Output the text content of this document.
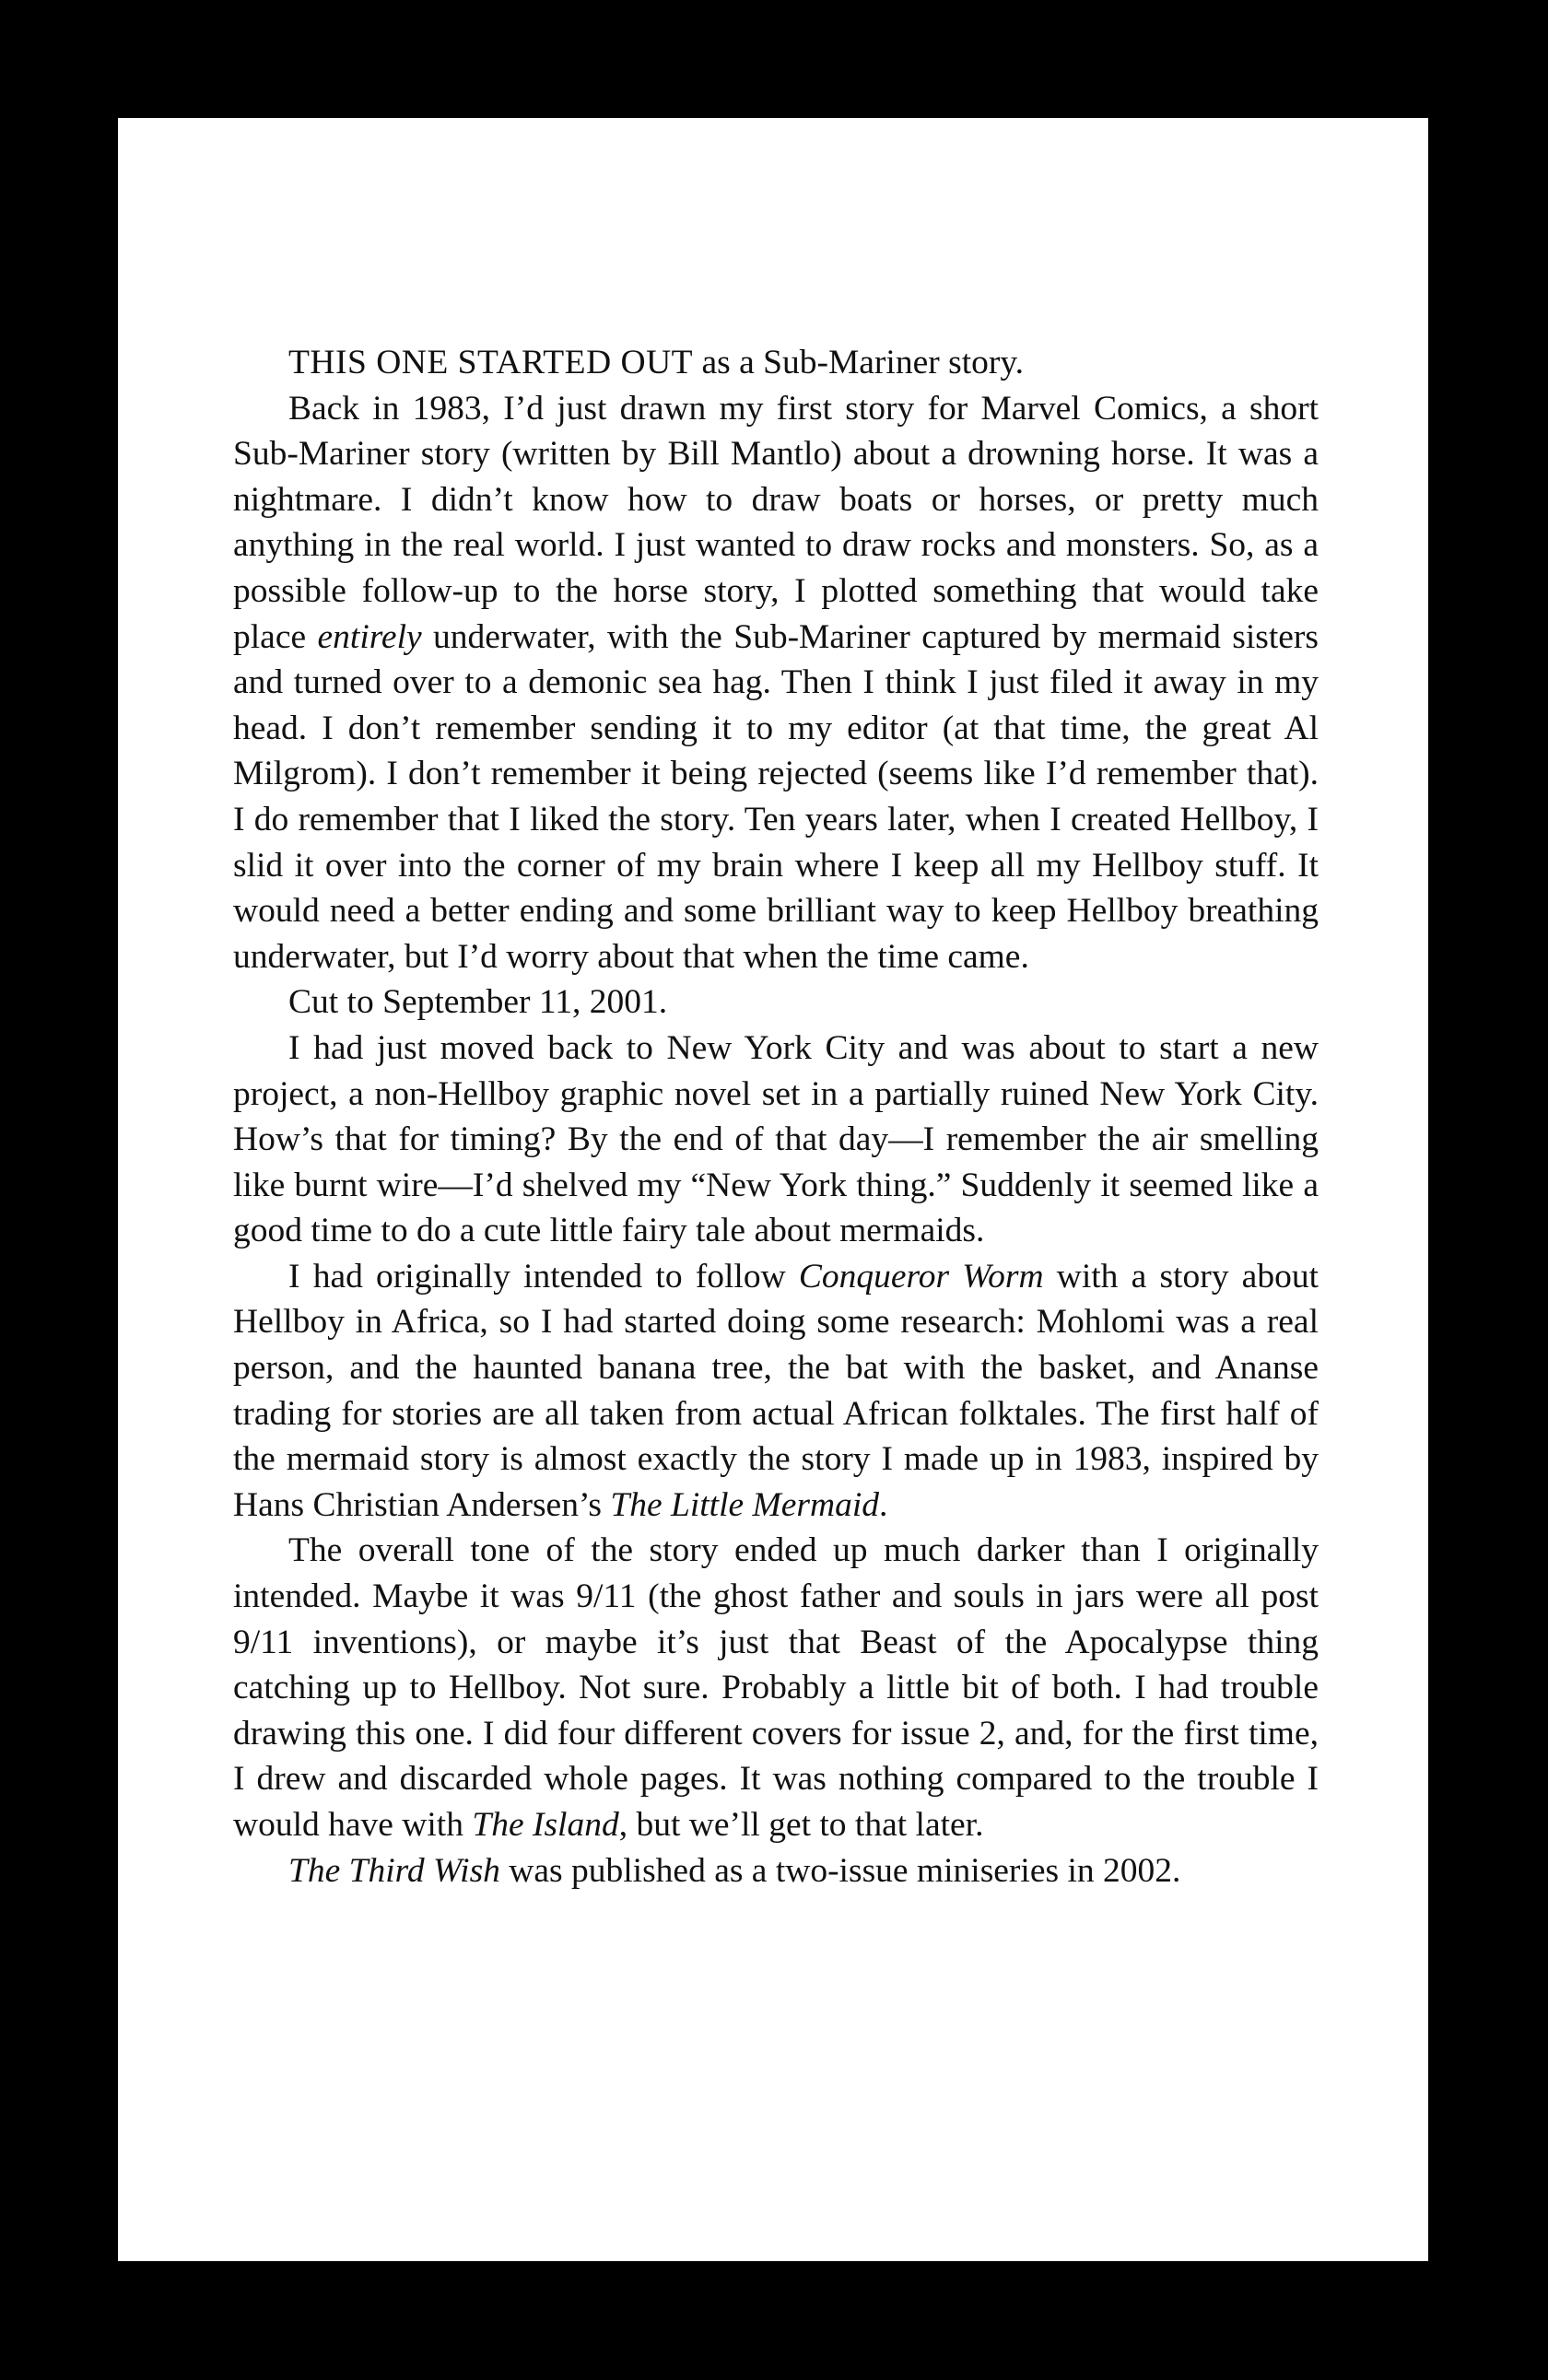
THIS ONE STARTED OUT as a Sub-Mariner story.

Back in 1983, I’d just drawn my first story for Marvel Comics, a short Sub-Mariner story (written by Bill Mantlo) about a drowning horse. It was a nightmare. I didn’t know how to draw boats or horses, or pretty much anything in the real world. I just wanted to draw rocks and monsters. So, as a possible follow-up to the horse story, I plotted something that would take place entirely underwater, with the Sub-Mariner captured by mermaid sisters and turned over to a demonic sea hag. Then I think I just filed it away in my head. I don’t remember sending it to my editor (at that time, the great Al Milgrom). I don’t remember it being rejected (seems like I’d remember that). I do remember that I liked the story. Ten years later, when I created Hellboy, I slid it over into the corner of my brain where I keep all my Hellboy stuff. It would need a better ending and some brilliant way to keep Hellboy breathing underwater, but I’d worry about that when the time came.

Cut to September 11, 2001.

I had just moved back to New York City and was about to start a new project, a non-Hellboy graphic novel set in a partially ruined New York City. How’s that for timing? By the end of that day—I remember the air smelling like burnt wire—I’d shelved my “New York thing.” Suddenly it seemed like a good time to do a cute little fairy tale about mermaids.

I had originally intended to follow Conqueror Worm with a story about Hellboy in Africa, so I had started doing some research: Mohlomi was a real person, and the haunted banana tree, the bat with the basket, and Ananse trading for stories are all taken from actual African folktales. The first half of the mermaid story is almost exactly the story I made up in 1983, inspired by Hans Christian Andersen’s The Little Mermaid.

The overall tone of the story ended up much darker than I originally intended. Maybe it was 9/11 (the ghost father and souls in jars were all post 9/11 inventions), or maybe it’s just that Beast of the Apocalypse thing catching up to Hellboy. Not sure. Probably a little bit of both. I had trouble drawing this one. I did four different covers for issue 2, and, for the first time, I drew and discarded whole pages. It was nothing compared to the trouble I would have with The Island, but we’ll get to that later.

The Third Wish was published as a two-issue miniseries in 2002.
